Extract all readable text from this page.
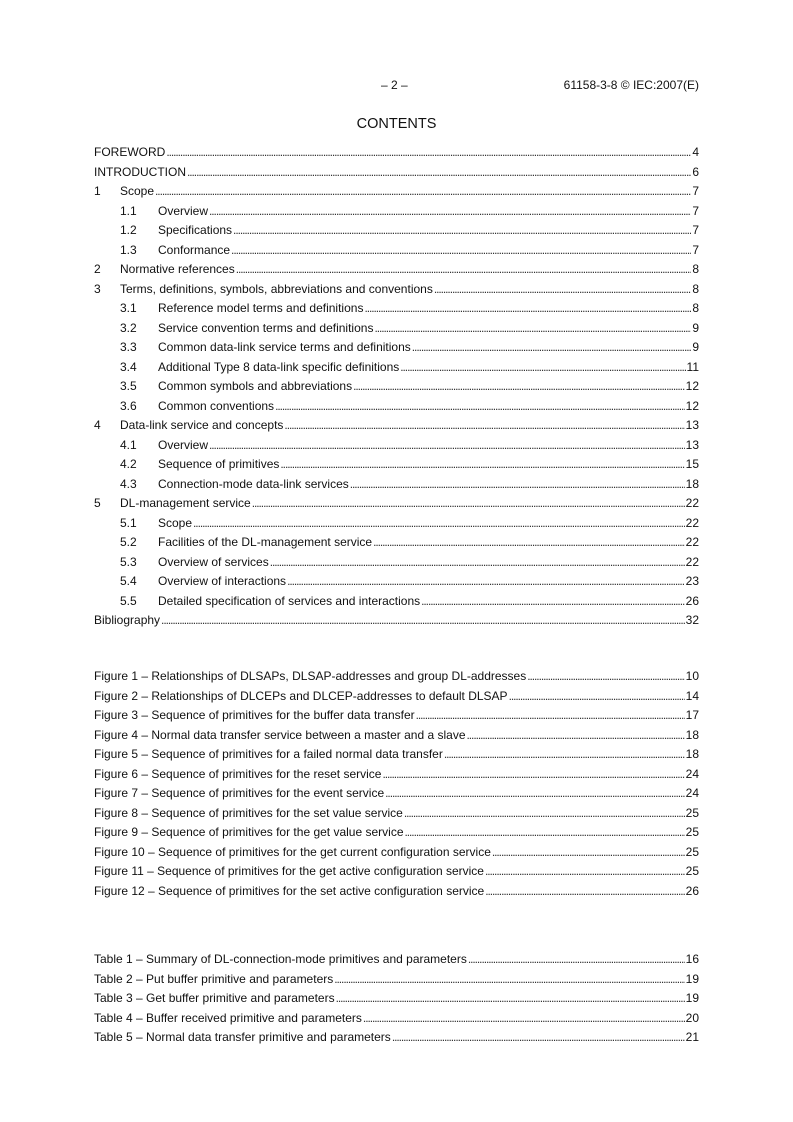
– 2 –	61158-3-8 © IEC:2007(E)
CONTENTS
FOREWORD . . .	4
INTRODUCTION . . .	6
1	Scope . . .	7
1.1	Overview . . .	7
1.2	Specifications . . .	7
1.3	Conformance . . .	7
2	Normative references . . .	8
3	Terms, definitions, symbols, abbreviations and conventions . . .	8
3.1	Reference model terms and definitions . . .	8
3.2	Service convention terms and definitions . . .	9
3.3	Common data-link service terms and definitions . . .	9
3.4	Additional Type 8 data-link specific definitions . . .	11
3.5	Common symbols and abbreviations . . .	12
3.6	Common conventions . . .	12
4	Data-link service and concepts . . .	13
4.1	Overview . . .	13
4.2	Sequence of primitives . . .	15
4.3	Connection-mode data-link services . . .	18
5	DL-management service . . .	22
5.1	Scope . . .	22
5.2	Facilities of the DL-management service . . .	22
5.3	Overview of services . . .	22
5.4	Overview of interactions . . .	23
5.5	Detailed specification of services and interactions . . .	26
Bibliography . . .	32
Figure 1 – Relationships of DLSAPs, DLSAP-addresses and group DL-addresses . . .	10
Figure 2 – Relationships of DLCEPs and DLCEP-addresses to default DLSAP . . .	14
Figure 3 – Sequence of primitives for the buffer data transfer . . .	17
Figure 4 – Normal data transfer service between a master and a slave . . .	18
Figure 5 – Sequence of primitives for a failed normal data transfer . . .	18
Figure 6 – Sequence of primitives for the reset service . . .	24
Figure 7 – Sequence of primitives for the event service . . .	24
Figure 8 – Sequence of primitives for the set value service . . .	25
Figure 9 – Sequence of primitives for the get value service . . .	25
Figure 10 – Sequence of primitives for the get current configuration service . . .	25
Figure 11 – Sequence of primitives for the get active configuration service . . .	25
Figure 12 – Sequence of primitives for the set active configuration service . . .	26
Table 1 – Summary of DL-connection-mode primitives and parameters . . .	16
Table 2 – Put buffer primitive and parameters . . .	19
Table 3 – Get buffer primitive and parameters . . .	19
Table 4 – Buffer received primitive and parameters . . .	20
Table 5 – Normal data transfer primitive and parameters . . .	21
